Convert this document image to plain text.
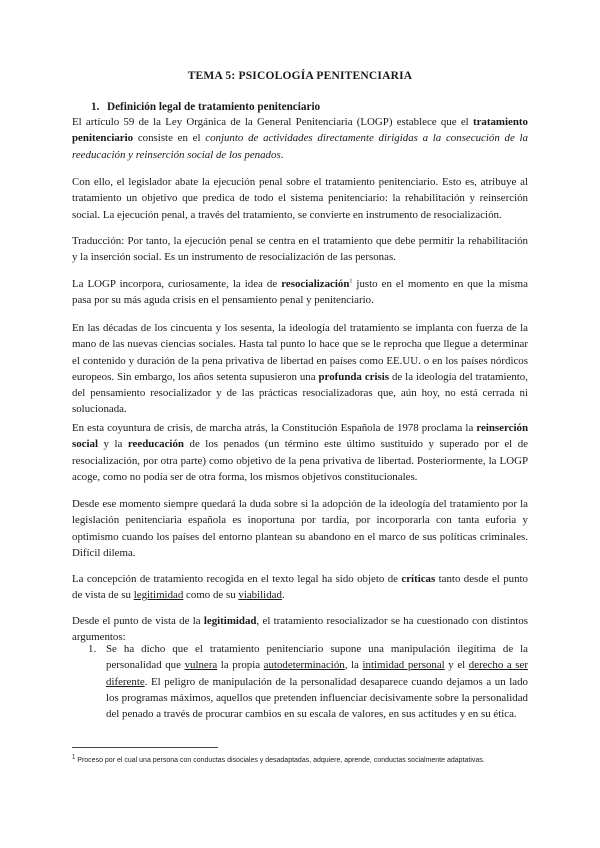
TEMA 5: PSICOLOGÍA PENITENCIARIA
1. Definición legal de tratamiento penitenciario
El artículo 59 de la Ley Orgánica de la General Penitenciaria (LOGP) establece que el tratamiento penitenciario consiste en el conjunto de actividades directamente dirigidas a la consecución de la reeducación y reinserción social de los penados.
Con ello, el legislador abate la ejecución penal sobre el tratamiento penitenciario. Esto es, atribuye al tratamiento un objetivo que predica de todo el sistema penitenciario: la rehabilitación y reinserción social. La ejecución penal, a través del tratamiento, se convierte en instrumento de resocialización.
Traducción: Por tanto, la ejecución penal se centra en el tratamiento que debe permitir la rehabilitación y la inserción social. Es un instrumento de resocialización de las personas.
La LOGP incorpora, curiosamente, la idea de resocialización$^1$ justo en el momento en que la misma pasa por su más aguda crisis en el pensamiento penal y penitenciario.
En las décadas de los cincuenta y los sesenta, la ideología del tratamiento se implanta con fuerza de la mano de las nuevas ciencias sociales. Hasta tal punto lo hace que se le reprocha que llegue a determinar el contenido y duración de la pena privativa de libertad en países como EE.UU. o en los países nórdicos europeos. Sin embargo, los años setenta supusieron una profunda crisis de la ideología del tratamiento, del pensamiento resocializador y de las prácticas resocializadoras que, aún hoy, no está cerrada ni solucionada.
En esta coyuntura de crisis, de marcha atrás, la Constitución Española de 1978 proclama la reinserción social y la reeducación de los penados (un término este último sustituido y superado por el de resocialización, por otra parte) como objetivo de la pena privativa de libertad. Posteriormente, la LOGP acoge, como no podía ser de otra forma, los mismos objetivos constitucionales.
Desde ese momento siempre quedará la duda sobre si la adopción de la ideología del tratamiento por la legislación penitenciaria española es inoportuna por tardía, por incorporarla con tanta euforia y optimismo cuando los países del entorno plantean su abandono en el marco de sus políticas criminales. Difícil dilema.
La concepción de tratamiento recogida en el texto legal ha sido objeto de críticas tanto desde el punto de vista de su legitimidad como de su viabilidad.
Desde el punto de vista de la legitimidad, el tratamiento resocializador se ha cuestionado con distintos argumentos:
1. Se ha dicho que el tratamiento penitenciario supone una manipulación ilegítima de la personalidad que vulnera la propia autodeterminación, la intimidad personal y el derecho a ser diferente. El peligro de manipulación de la personalidad desaparece cuando dejamos a un lado los programas máximos, aquellos que pretenden influenciar decisivamente sobre la personalidad del penado a través de procurar cambios en su escala de valores, en sus actitudes y en su ética.
1 Proceso por el cual una persona con conductas disociales y desadaptadas, adquiere, aprende, conductas socialmente adaptativas.
